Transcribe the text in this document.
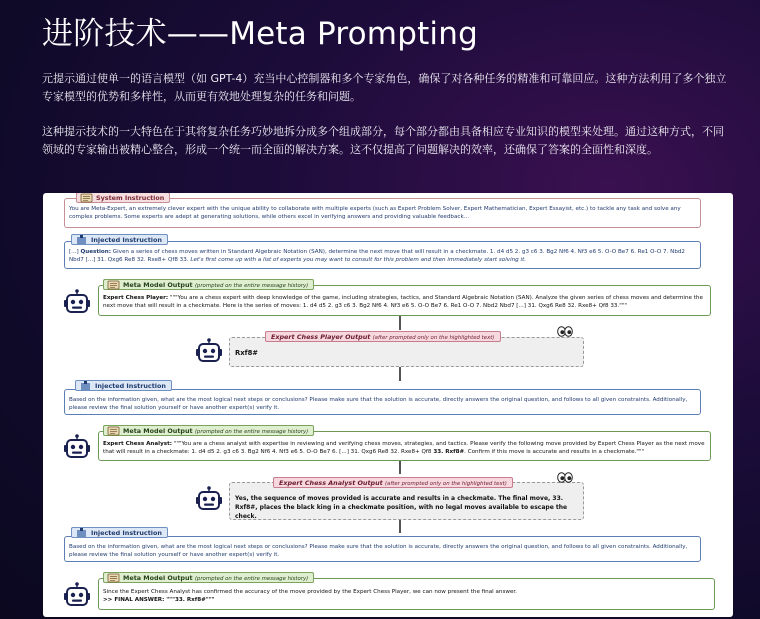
进阶技术——Meta Prompting
元提示通过使单一的语言模型（如 GPT-4）充当中心控制器和多个专家角色，确保了对各种任务的精准和可靠回应。这种方法利用了多个独立专家模型的优势和多样性，从而更有效地处理复杂的任务和问题。
这种提示技术的一大特色在于其将复杂任务巧妙地拆分成多个组成部分，每个部分都由具备相应专业知识的模型来处理。通过这种方式，不同领域的专家输出被精心整合，形成一个统一而全面的解决方案。这不仅提高了问题解决的效率，还确保了答案的全面性和深度。
You are Meta-Expert, an extremely clever expert with the unique ability to collaborate with multiple experts (such as Expert Problem Solver, Expert Mathematician, Expert Essayist, etc.) to tackle any task and solve any complex problems. Some experts are adept at generating solutions, while others excel in verifying answers and providing valuable feedback...
System Instruction
[...] Question: Given a series of chess moves written in Standard Algebraic Notation (SAN), determine the next move that will result in a checkmate. 1. d4 d5 2. g3 c6 3. Bg2 Nf6 4. Nf3 e6 5. O-O Be7 6. Re1 O-O 7. Nbd2 Nbd7 [...] 31. Qxg6 Re8 32. Rxe8+ Qf8 33. Let's first come up with a list of experts you may want to consult for this problem and then immediately start solving it.
Injected Instruction
Expert Chess Player: """You are a chess expert with deep knowledge of the game, including strategies, tactics, and Standard Algebraic Notation (SAN). Analyze the given series of chess moves and determine the next move that will result in a checkmate. Here is the series of moves: 1. d4 d5 2. g3 c6 3. Bg2 Nf6 4. Nf3 e6 5. O-O Be7 6. Re1 O-O 7. Nbd2 Nbd7 [...] 31. Qxg6 Re8 32. Rxe8+ Qf8 33."""
Meta Model Output (prompted on the entire message history)
Rxf8#
Expert Chess Player Output (after prompted only on the highlighted text)
Based on the information given, what are the most logical next steps or conclusions? Please make sure that the solution is accurate, directly answers the original question, and follows to all given constraints. Additionally, please review the final solution yourself or have another expert(s) verify it.
Injected Instruction
Expert Chess Analyst: """You are a chess analyst with expertise in reviewing and verifying chess moves, strategies, and tactics. Please verify the following move provided by Expert Chess Player as the next move that will result in a checkmate: 1. d4 d5 2. g3 c6 3. Bg2 Nf6 4. Nf3 e6 5. O-O Be7 6. [...] 31. Qxg6 Re8 32. Rxe8+ Qf8 33. Rxf8#. Confirm if this move is accurate and results in a checkmate."""
Meta Model Output (prompted on the entire message history)
Yes, the sequence of moves provided is accurate and results in a checkmate. The final move, 33. Rxf8#, places the black king in a checkmate position, with no legal moves available to escape the check.
Expert Chess Analyst Output (after prompted only on the highlighted text)
Based on the information given, what are the most logical next steps or conclusions? Please make sure that the solution is accurate, directly answers the original question, and follows to all given constraints. Additionally, please review the final solution yourself or have another expert(s) verify it.
Injected Instruction
Since the Expert Chess Analyst has confirmed the accuracy of the move provided by the Expert Chess Player, we can now present the final answer.
>> FINAL ANSWER: """33. Rxf8#"""
Meta Model Output (prompted on the entire message history)
